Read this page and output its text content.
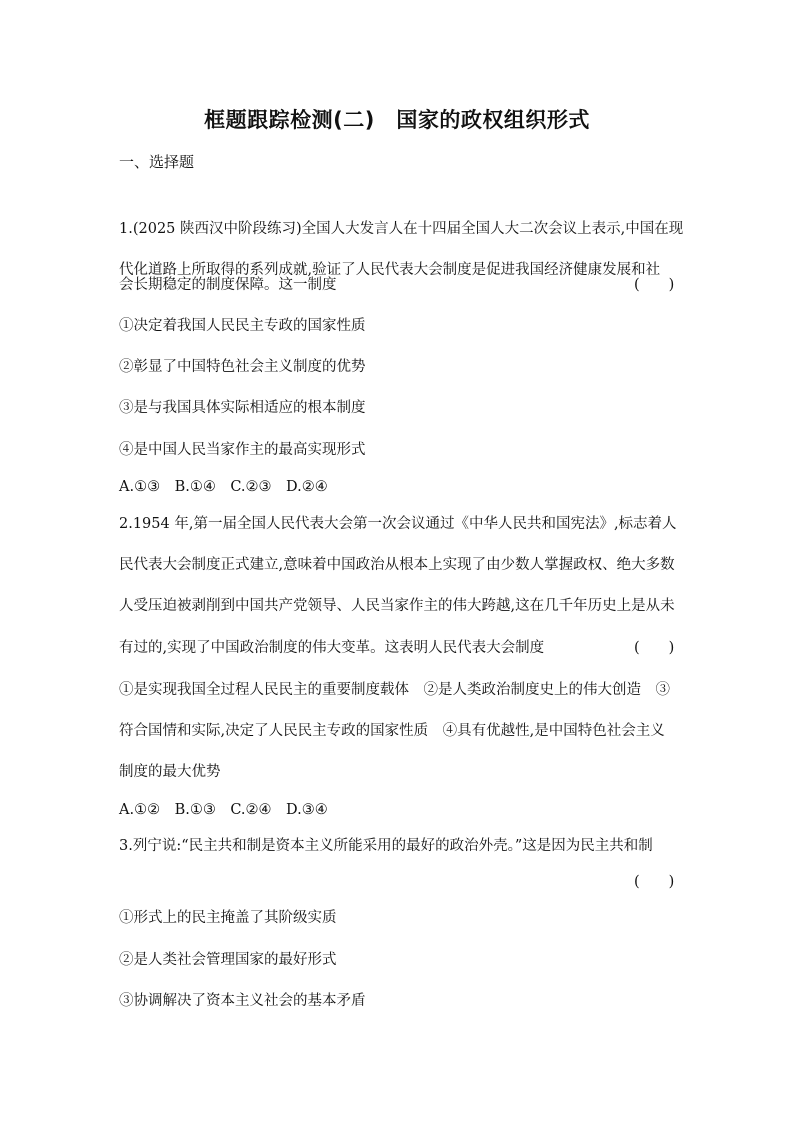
框题跟踪检测(二)　国家的政权组织形式
一、选择题
1.(2025 陕西汉中阶段练习)全国人大发言人在十四届全国人大二次会议上表示,中国在现
代化道路上所取得的系列成就,验证了人民代表大会制度是促进我国经济健康发展和社
会长期稳定的制度保障。这一制度	(　　)
①决定着我国人民民主专政的国家性质
②彰显了中国特色社会主义制度的优势
③是与我国具体实际相适应的根本制度
④是中国人民当家作主的最高实现形式
A.①③　B.①④　C.②③　D.②④
2.1954 年,第一届全国人民代表大会第一次会议通过《中华人民共和国宪法》,标志着人
民代表大会制度正式建立,意味着中国政治从根本上实现了由少数人掌握政权、绝大多数
人受压迫被剥削到中国共产党领导、人民当家作主的伟大跨越,这在几千年历史上是从未
有过的,实现了中国政治制度的伟大变革。这表明人民代表大会制度	(　　)
①是实现我国全过程人民民主的重要制度载体　②是人类政治制度史上的伟大创造　③
符合国情和实际,决定了人民民主专政的国家性质　④具有优越性,是中国特色社会主义
制度的最大优势
A.①②　B.①③　C.②④　D.③④
3.列宁说:“民主共和制是资本主义所能采用的最好的政治外壳。”这是因为民主共和制
(　　)
①形式上的民主掩盖了其阶级实质
②是人类社会管理国家的最好形式
③协调解决了资本主义社会的基本矛盾
